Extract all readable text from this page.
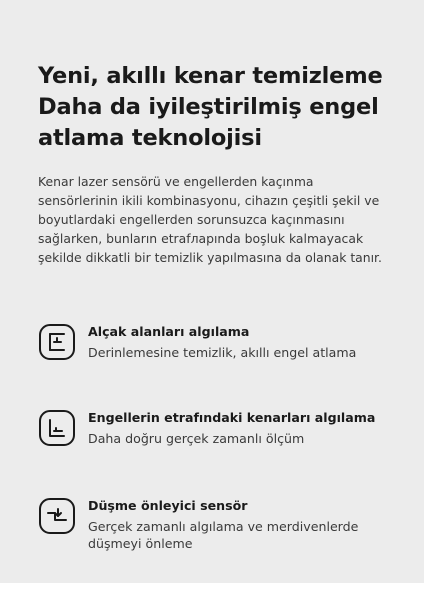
Yeni, akıllı kenar temizleme
Daha da iyileştirilmiş engel
atlama teknolojisi
Kenar lazer sensörü ve engellerden kaçınma
sensörlerinin ikili kombinasyonu, cihazın çeşitli şekil ve
boyutlardaki engellerden sorunsuzca kaçınmasını
sağlarken, bunların etrafларında boşluk kalmayacak
şekilde dikkatli bir temizlik yapılmasına da olanak tanır.
Alçak alanları algılama
Derinlemesine temizlik, akıllı engel atlama
Engellerin etrafındaki kenarları algılama
Daha doğru gerçek zamanlı ölçüm
Düşme önleyici sensör
Gerçek zamanlı algılama ve merdivenlerde
düşmeyi önleme
